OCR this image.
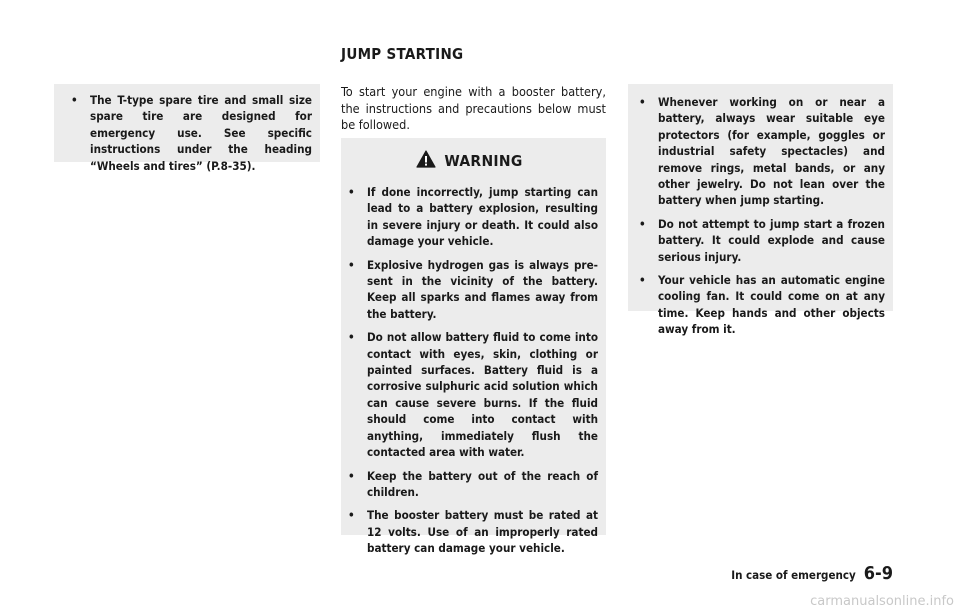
JUMP STARTING
• The T-type spare tire and small size spare tire are designed for emergency use. See specific instructions under the heading “Wheels and tires” (P.8-35).

To start your engine with a booster battery, the instructions and precautions below must be followed.

WARNING
• If done incorrectly, jump starting can lead to a battery explosion, resulting in severe injury or death. It could also damage your vehicle.
• Explosive hydrogen gas is always pre-sent in the vicinity of the battery. Keep all sparks and flames away from the battery.
• Do not allow battery fluid to come into contact with eyes, skin, clothing or painted surfaces. Battery fluid is a corrosive sulphuric acid solution which can cause severe burns. If the fluid should come into contact with anything, immediately flush the contacted area with water.
• Keep the battery out of the reach of children.
• The booster battery must be rated at 12 volts. Use of an improperly rated battery can damage your vehicle.
• Whenever working on or near a battery, always wear suitable eye protectors (for example, goggles or industrial safety spectacles) and remove rings, metal bands, or any other jewelry. Do not lean over the battery when jump starting.
• Do not attempt to jump start a frozen battery. It could explode and cause serious injury.
• Your vehicle has an automatic engine cooling fan. It could come on at any time. Keep hands and other objects away from it.
In case of emergency 6-9
carmanualsonline.info
